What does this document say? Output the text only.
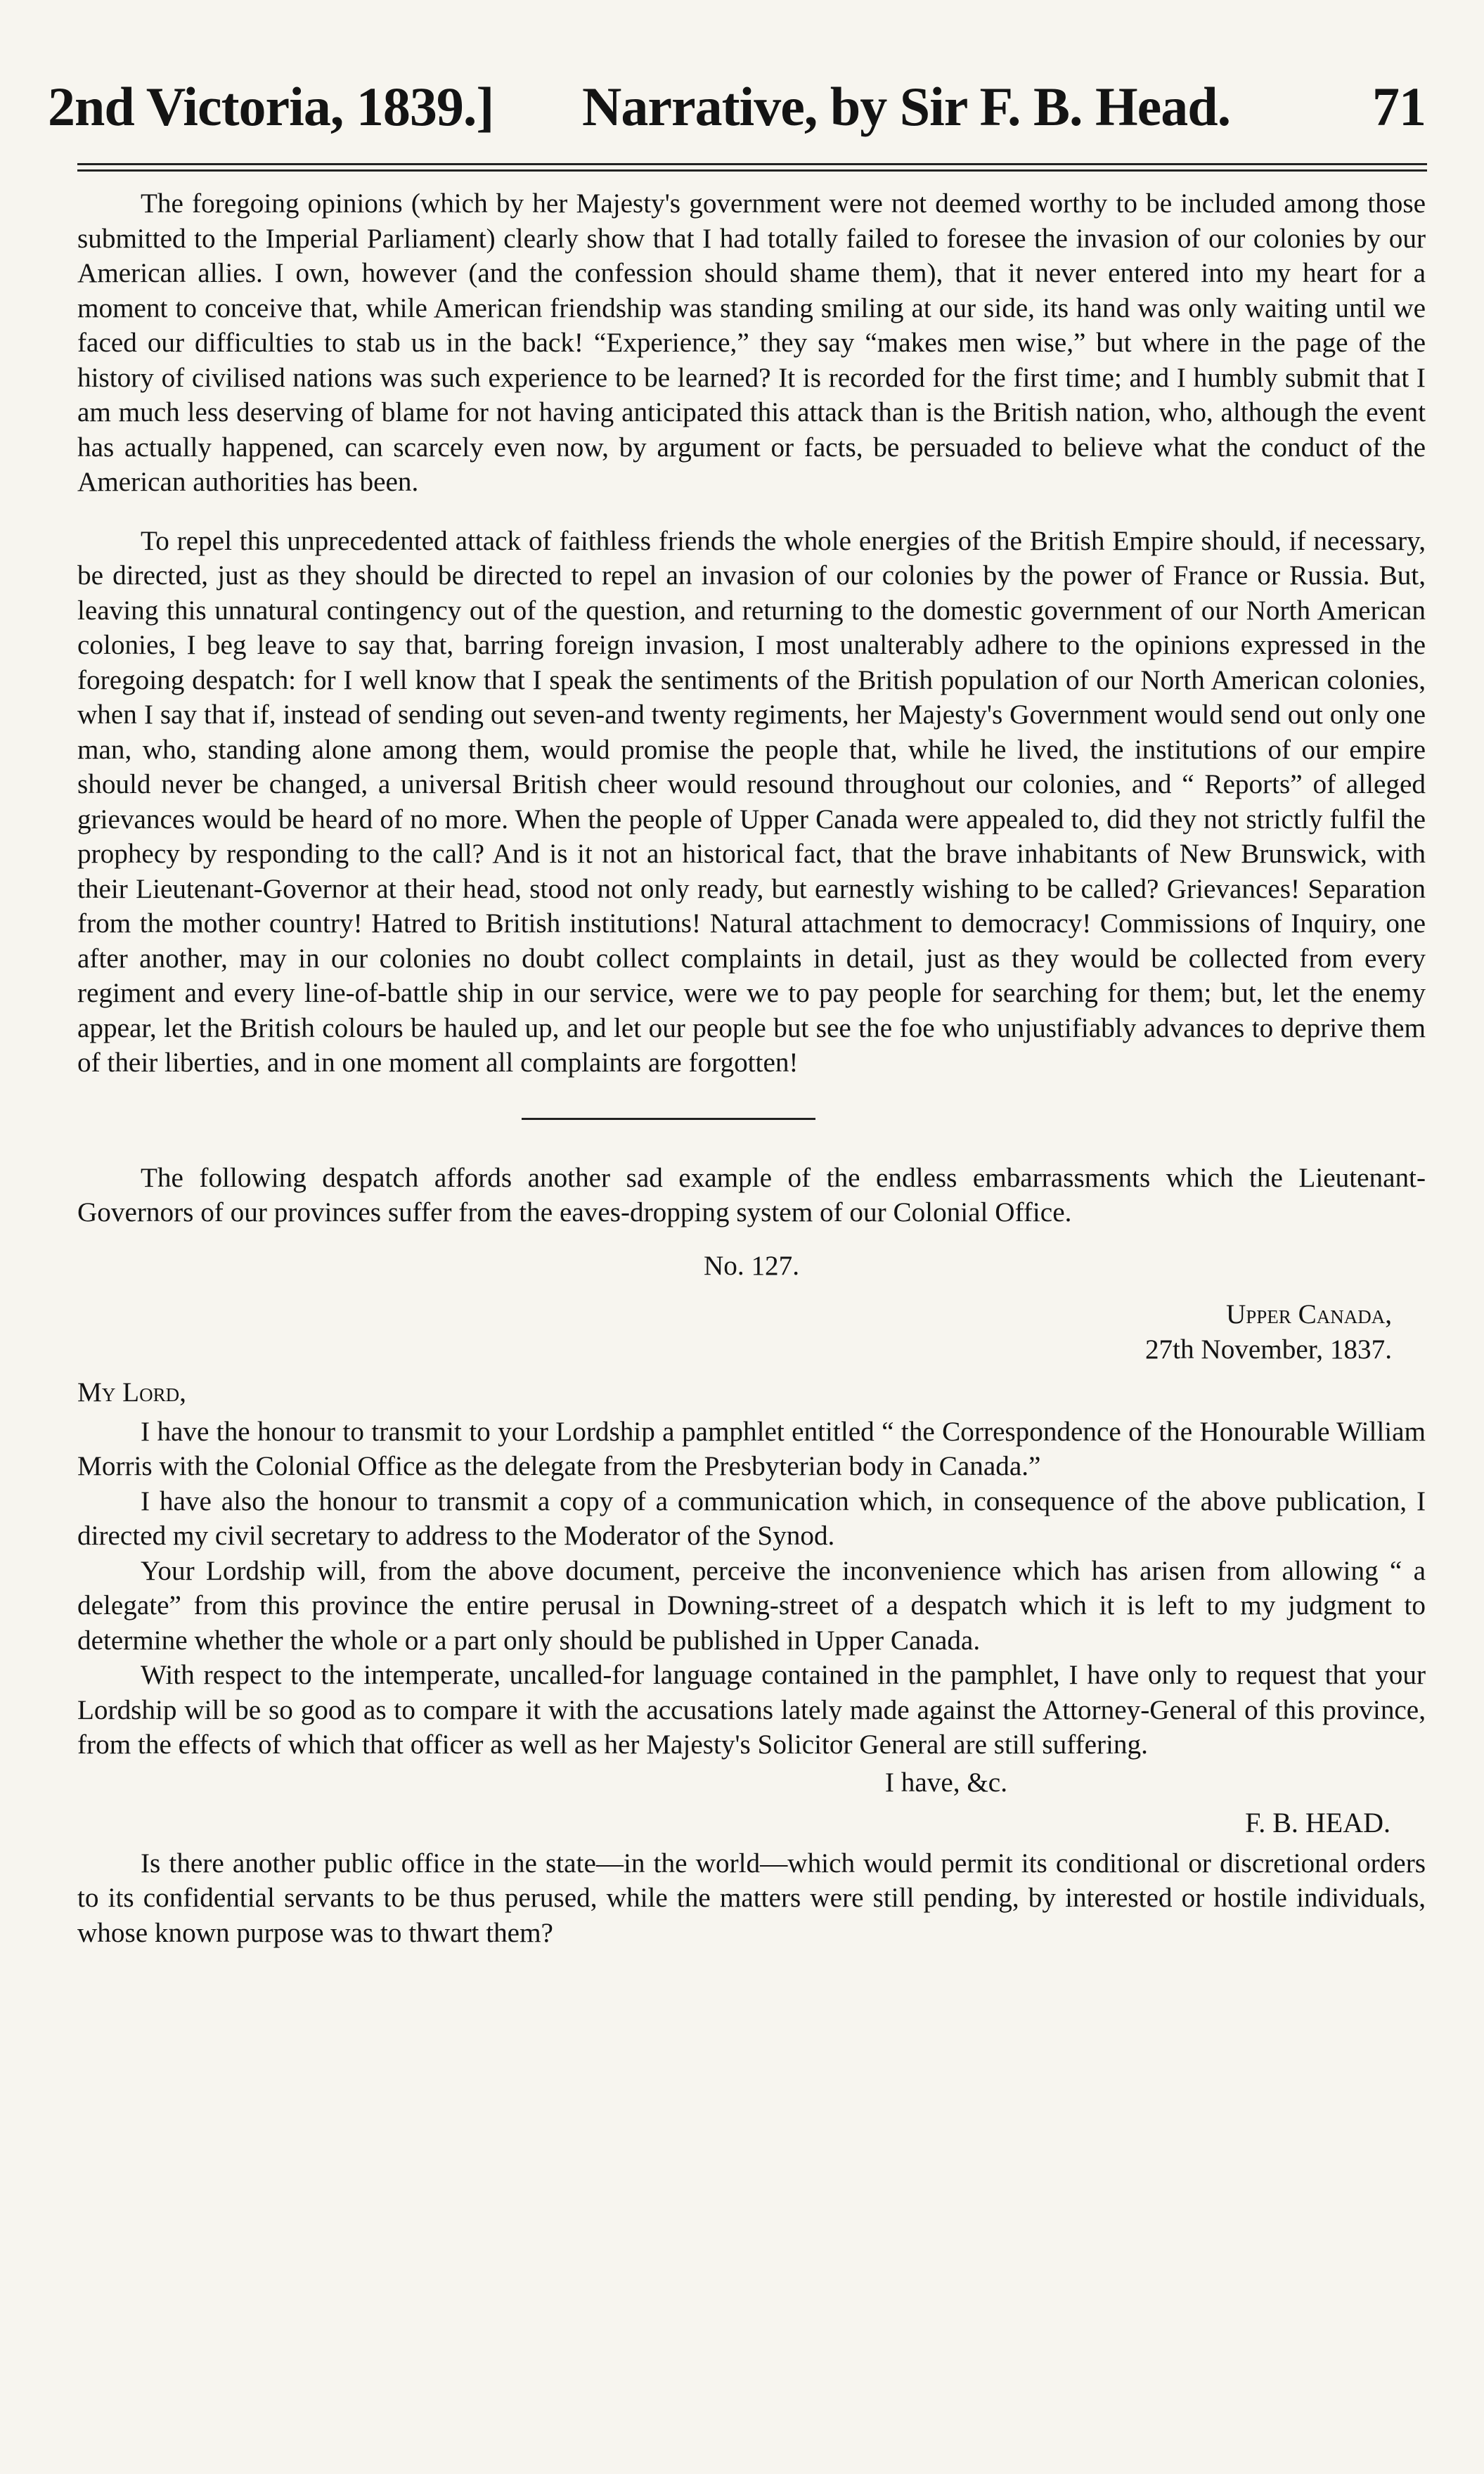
2nd Victoria, 1839.] Narrative, by Sir F. B. Head.	71

The foregoing opinions (which by her Majesty's government were not deemed worthy to be included among those submitted to the Imperial Parliament) clearly show that I had totally failed to foresee the invasion of our colonies by our American allies. I own, however (and the confession should shame them), that it never entered into my heart for a moment to conceive that, while American friendship was standing smiling at our side, its hand was only waiting until we faced our difficulties to stab us in the back! “Experience,” they say “makes men wise,” but where in the page of the history of civilised nations was such experience to be learned? It is recorded for the first time; and I humbly submit that I am much less deserving of blame for not having anticipated this attack than is the British nation, who, although the event has actually happened, can scarcely even now, by argument or facts, be persuaded to believe what the conduct of the American authorities has been.

To repel this unprecedented attack of faithless friends the whole energies of the British Empire should, if necessary, be directed, just as they should be directed to repel an invasion of our colonies by the power of France or Russia. But, leaving this unnatural contingency out of the question, and returning to the domestic government of our North American colonies, I beg leave to say that, barring foreign invasion, I most unalterably adhere to the opinions expressed in the foregoing despatch: for I well know that I speak the sentiments of the British population of our North American colonies, when I say that if, instead of sending out seven-and twenty regiments, her Majesty's Government would send out only one man, who, standing alone among them, would promise the people that, while he lived, the institutions of our empire should never be changed, a universal British cheer would resound throughout our colonies, and “ Reports” of alleged grievances would be heard of no more. When the people of Upper Canada were appealed to, did they not strictly fulfil the prophecy by responding to the call? And is it not an historical fact, that the brave inhabitants of New Brunswick, with their Lieutenant-Governor at their head, stood not only ready, but earnestly wishing to be called? Grievances! Separation from the mother country! Hatred to British institutions! Natural attachment to democracy! Commissions of Inquiry, one after another, may in our colonies no doubt collect complaints in detail, just as they would be collected from every regiment and every line-of-battle ship in our service, were we to pay people for searching for them; but, let the enemy appear, let the British colours be hauled up, and let our people but see the foe who unjustifiably advances to deprive them of their liberties, and in one moment all complaints are forgotten!

The following despatch affords another sad example of the endless embarrassments which the Lieutenant-Governors of our provinces suffer from the eaves-dropping system of our Colonial Office.

No. 127.

Upper Canada,

27th November, 1837.

My Lord,

I have the honour to transmit to your Lordship a pamphlet entitled “ the Correspondence of the Honourable William Morris with the Colonial Office as the delegate from the Presbyterian body in Canada.”

I have also the honour to transmit a copy of a communication which, in consequence of the above publication, I directed my civil secretary to address to the Moderator of the Synod.

Your Lordship will, from the above document, perceive the inconvenience which has arisen from allowing “ a delegate” from this province the entire perusal in Downing-street of a despatch which it is left to my judgment to determine whether the whole or a part only should be published in Upper Canada.

With respect to the intemperate, uncalled-for language contained in the pamphlet, I have only to request that your Lordship will be so good as to compare it with the accusations lately made against the Attorney-General of this province, from the effects of which that officer as well as her Majesty's Solicitor General are still suffering.

I have, &c.

F. B. HEAD.

Is there another public office in the state—in the world—which would permit its conditional or discretional orders to its confidential servants to be thus perused, while the matters were still pending, by interested or hostile individuals, whose known purpose was to thwart them?
